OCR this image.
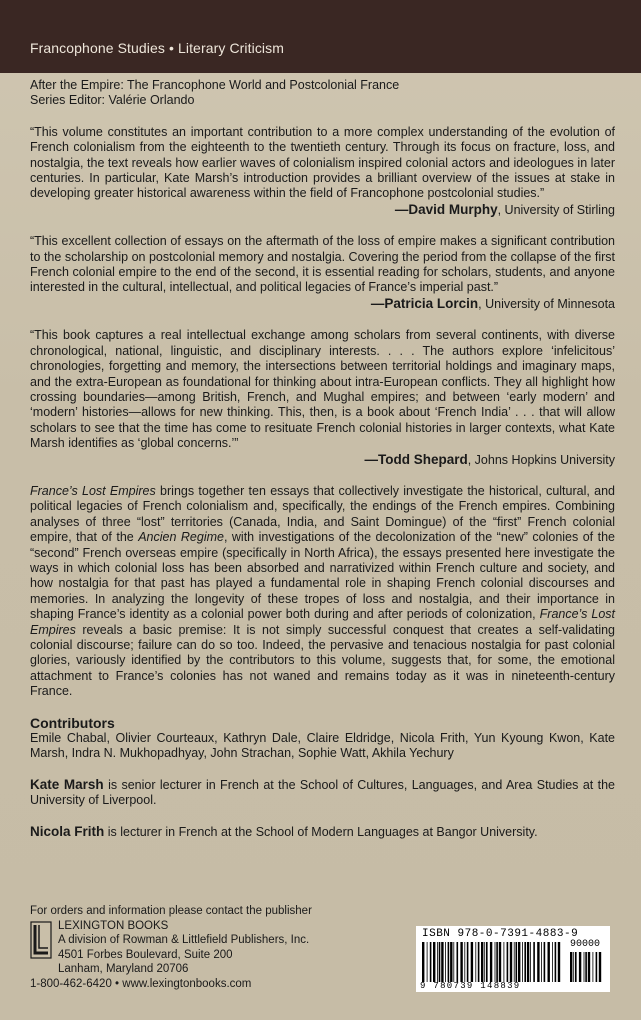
Francophone Studies • Literary Criticism
After the Empire: The Francophone World and Postcolonial France
Series Editor: Valérie Orlando

“This volume constitutes an important contribution to a more complex understanding of the evolution of French colonialism from the eighteenth to the twentieth century. Through its focus on fracture, loss, and nostalgia, the text reveals how earlier waves of colonialism inspired colonial actors and ideologues in later centuries. In particular, Kate Marsh’s introduction provides a brilliant overview of the issues at stake in developing greater historical awareness within the field of Francophone postcolonial studies.”

—David Murphy, University of Stirling

“This excellent collection of essays on the aftermath of the loss of empire makes a significant contribution to the scholarship on postcolonial memory and nostalgia. Covering the period from the collapse of the first French colonial empire to the end of the second, it is essential reading for scholars, students, and anyone interested in the cultural, intellectual, and political legacies of France’s imperial past.”

—Patricia Lorcin, University of Minnesota

“This book captures a real intellectual exchange among scholars from several continents, with diverse chronological, national, linguistic, and disciplinary interests. . . . The authors explore ‘infelicitous’ chronologies, forgetting and memory, the intersections between territorial holdings and imaginary maps, and the extra-European as foundational for thinking about intra-European conflicts. They all highlight how crossing boundaries—among British, French, and Mughal empires; and between ‘early modern’ and ‘modern’ histories—allows for new thinking. This, then, is a book about ‘French India’ . . . that will allow scholars to see that the time has come to resituate French colonial histories in larger contexts, what Kate Marsh identifies as ‘global concerns.’”

—Todd Shepard, Johns Hopkins University

France’s Lost Empires brings together ten essays that collectively investigate the historical, cultural, and political legacies of French colonialism and, specifically, the endings of the French empires. Combining analyses of three “lost” territories (Canada, India, and Saint Domingue) of the “first” French colonial empire, that of the Ancien Regime, with investigations of the decolonization of the “new” colonies of the “second” French overseas empire (specifically in North Africa), the essays presented here investigate the ways in which colonial loss has been absorbed and narrativized within French culture and society, and how nostalgia for that past has played a fundamental role in shaping French colonial discourses and memories. In analyzing the longevity of these tropes of loss and nostalgia, and their importance in shaping France’s identity as a colonial power both during and after periods of colonization, France’s Lost Empires reveals a basic premise: It is not simply successful conquest that creates a self-validating colonial discourse; failure can do so too. Indeed, the pervasive and tenacious nostalgia for past colonial glories, variously identified by the contributors to this volume, suggests that, for some, the emotional attachment to France’s colonies has not waned and remains today as it was in nineteenth-century France.

Contributors

Emile Chabal, Olivier Courteaux, Kathryn Dale, Claire Eldridge, Nicola Frith, Yun Kyoung Kwon, Kate Marsh, Indra N. Mukhopadhyay, John Strachan, Sophie Watt, Akhila Yechury

Kate Marsh is senior lecturer in French at the School of Cultures, Languages, and Area Studies at the University of Liverpool.

Nicola Frith is lecturer in French at the School of Modern Languages at Bangor University.

For orders and information please contact the publisher
LEXINGTON BOOKS
A division of Rowman & Littlefield Publishers, Inc.
4501 Forbes Boulevard, Suite 200
Lanham, Maryland 20706
1-800-462-6420 • www.lexingtonbooks.com
ISBN 978-0-7391-4883-9
90000
9 780739 148839
